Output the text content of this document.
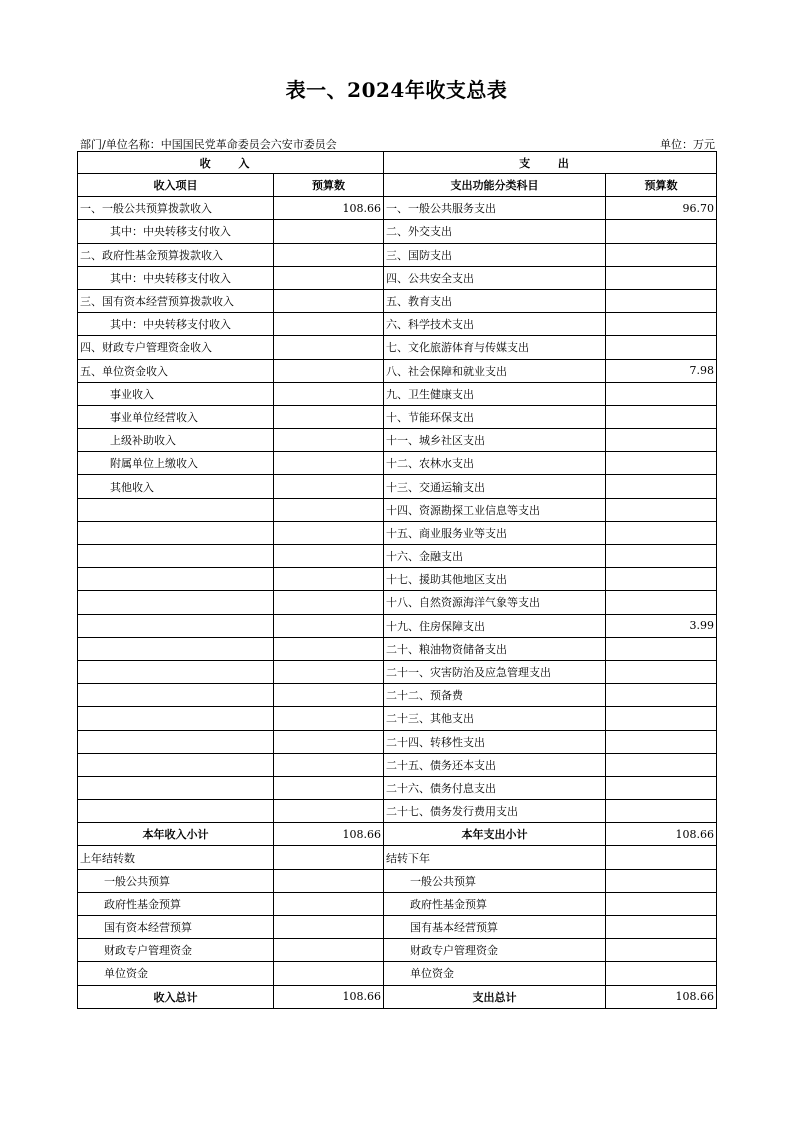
表一、2024年收支总表
部门/单位名称：中国国民党革命委员会六安市委员会	单位：万元
收 入		支 出	
收入项目	预算数	支出功能分类科目	预算数
一、一般公共预算拨款收入	108.66	一、一般公共服务支出	96.70
其中：中央转移支付收入		二、外交支出	
二、政府性基金预算拨款收入		三、国防支出	
其中：中央转移支付收入		四、公共安全支出	
三、国有资本经营预算拨款收入		五、教育支出	
其中：中央转移支付收入		六、科学技术支出	
四、财政专户管理资金收入		七、文化旅游体育与传媒支出	
五、单位资金收入		八、社会保障和就业支出	7.98
事业收入		九、卫生健康支出	
事业单位经营收入		十、节能环保支出	
上级补助收入		十一、城乡社区支出	
附属单位上缴收入		十二、农林水支出	
其他收入		十三、交通运输支出	
		十四、资源勘探工业信息等支出	
		十五、商业服务业等支出	
		十六、金融支出	
		十七、援助其他地区支出	
		十八、自然资源海洋气象等支出	
		十九、住房保障支出	3.99
		二十、粮油物资储备支出	
		二十一、灾害防治及应急管理支出	
		二十二、预备费	
		二十三、其他支出	
		二十四、转移性支出	
		二十五、债务还本支出	
		二十六、债务付息支出	
		二十七、债务发行费用支出	
本年收入小计	108.66	本年支出小计	108.66
上年结转数		结转下年	
一般公共预算		一般公共预算	
政府性基金预算		政府性基金预算	
国有资本经营预算		国有基本经营预算	
财政专户管理资金		财政专户管理资金	
单位资金		单位资金	
收入总计	108.66	支出总计	108.66
